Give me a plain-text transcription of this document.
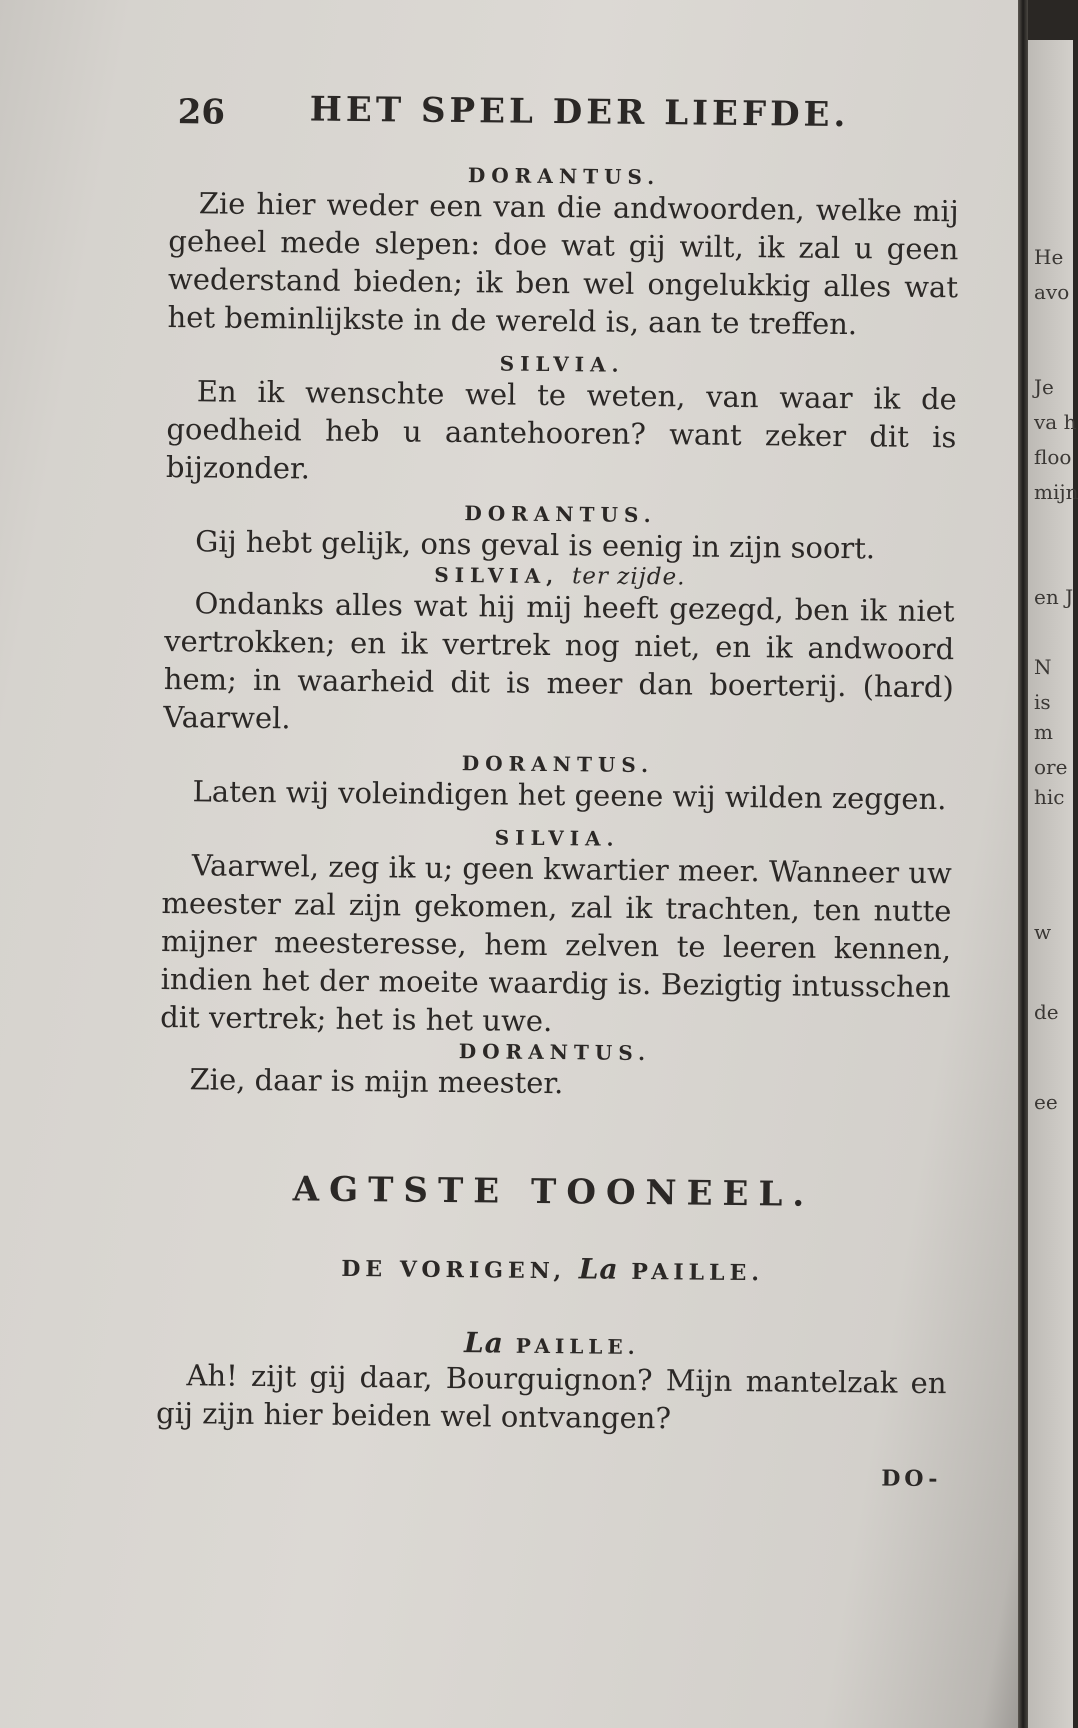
26 HET SPEL DER LIEFDE.
DORANTUS.

Zie hier weder een van die andwoorden, welke mij geheel mede slepen: doe wat gij wilt, ik zal u geen wederstand bieden; ik ben wel ongelukkig alles wat het beminlijkste in de wereld is, aan te treffen.

SILVIA.

En ik wenschte wel te weten, van waar ik de goedheid heb u aantehooren? want zeker dit is bijzonder.

DORANTUS.

Gij hebt gelijk, ons geval is eenig in zijn soort.

SILVIA, ter zijde.

Ondanks alles wat hij mij heeft gezegd, ben ik niet vertrokken; en ik vertrek nog niet, en ik andwoord hem; in waarheid dit is meer dan boerterij. (hard) Vaarwel.

DORANTUS.

Laten wij voleindigen het geene wij wilden zeggen.

SILVIA.

Vaarwel, zeg ik u; geen kwartier meer. Wanneer uw meester zal zijn gekomen, zal ik trachten, ten nutte mijner meesteresse, hem zelven te leeren kennen, indien het der moeite waardig is. Bezigtig intusschen dit vertrek; het is het uwe.

DORANTUS.

Zie, daar is mijn meester.

AGTSTE TOONEEL.
DE VORIGEN, La PAILLE.
La PAILLE.

Ah! zijt gij daar, Bourguignon? Mijn mantelzak en gij zijn hier beiden wel ontvangen?

DO-
He
avo
Je
va h
floo
mijn
en J
N
is
m
ore
hic
w
de
ee
